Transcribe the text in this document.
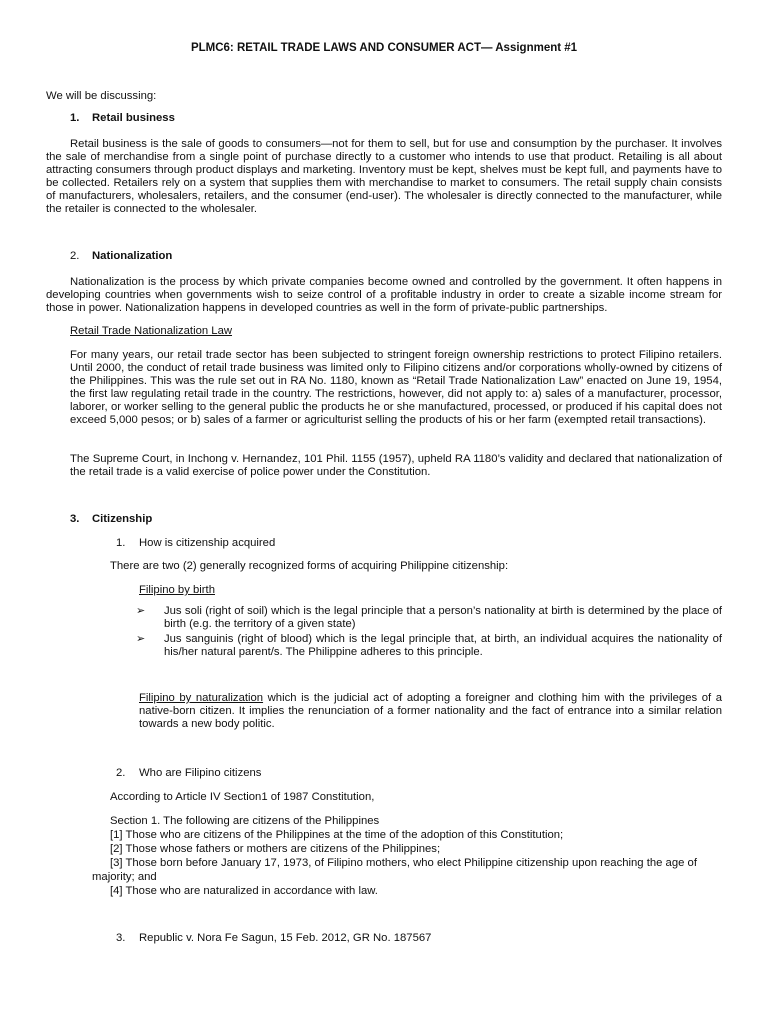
PLMC6: RETAIL TRADE LAWS AND CONSUMER ACT— Assignment #1
We will be discussing:
1. Retail business

Retail business is the sale of goods to consumers—not for them to sell, but for use and consumption by the purchaser. It involves the sale of merchandise from a single point of purchase directly to a customer who intends to use that product. Retailing is all about attracting consumers through product displays and marketing. Inventory must be kept, shelves must be kept full, and payments have to be collected. Retailers rely on a system that supplies them with merchandise to market to consumers. The retail supply chain consists of manufacturers, wholesalers, retailers, and the consumer (end-user). The wholesaler is directly connected to the manufacturer, while the retailer is connected to the wholesaler.

2. Nationalization

Nationalization is the process by which private companies become owned and controlled by the government. It often happens in developing countries when governments wish to seize control of a profitable industry in order to create a sizable income stream for those in power. Nationalization happens in developed countries as well in the form of private-public partnerships.

Retail Trade Nationalization Law

For many years, our retail trade sector has been subjected to stringent foreign ownership restrictions to protect Filipino retailers. Until 2000, the conduct of retail trade business was limited only to Filipino citizens and/or corporations wholly-owned by citizens of the Philippines. This was the rule set out in RA No. 1180, known as “Retail Trade Nationalization Law” enacted on June 19, 1954, the first law regulating retail trade in the country. The restrictions, however, did not apply to: a) sales of a manufacturer, processor, laborer, or worker selling to the general public the products he or she manufactured, processed, or produced if his capital does not exceed 5,000 pesos; or b) sales of a farmer or agriculturist selling the products of his or her farm (exempted retail transactions).

The Supreme Court, in Inchong v. Hernandez, 101 Phil. 1155 (1957), upheld RA 1180’s validity and declared that nationalization of the retail trade is a valid exercise of police power under the Constitution.

3. Citizenship
1. How is citizenship acquired
There are two (2) generally recognized forms of acquiring Philippine citizenship:
Filipino by birth
➢ Jus soli (right of soil) which is the legal principle that a person’s nationality at birth is determined by the place of birth (e.g. the territory of a given state)
➢ Jus sanguinis (right of blood) which is the legal principle that, at birth, an individual acquires the nationality of his/her natural parent/s. The Philippine adheres to this principle.

Filipino by naturalization which is the judicial act of adopting a foreigner and clothing him with the privileges of a native-born citizen. It implies the renunciation of a former nationality and the fact of entrance into a similar relation towards a new body politic.

2. Who are Filipino citizens
According to Article IV Section1 of 1987 Constitution,
Section 1. The following are citizens of the Philippines
[1] Those who are citizens of the Philippines at the time of the adoption of this Constitution;
[2] Those whose fathers or mothers are citizens of the Philippines;
[3] Those born before January 17, 1973, of Filipino mothers, who elect Philippine citizenship upon reaching the age of
majority; and
[4] Those who are naturalized in accordance with law.
3. Republic v. Nora Fe Sagun, 15 Feb. 2012, GR No. 187567
